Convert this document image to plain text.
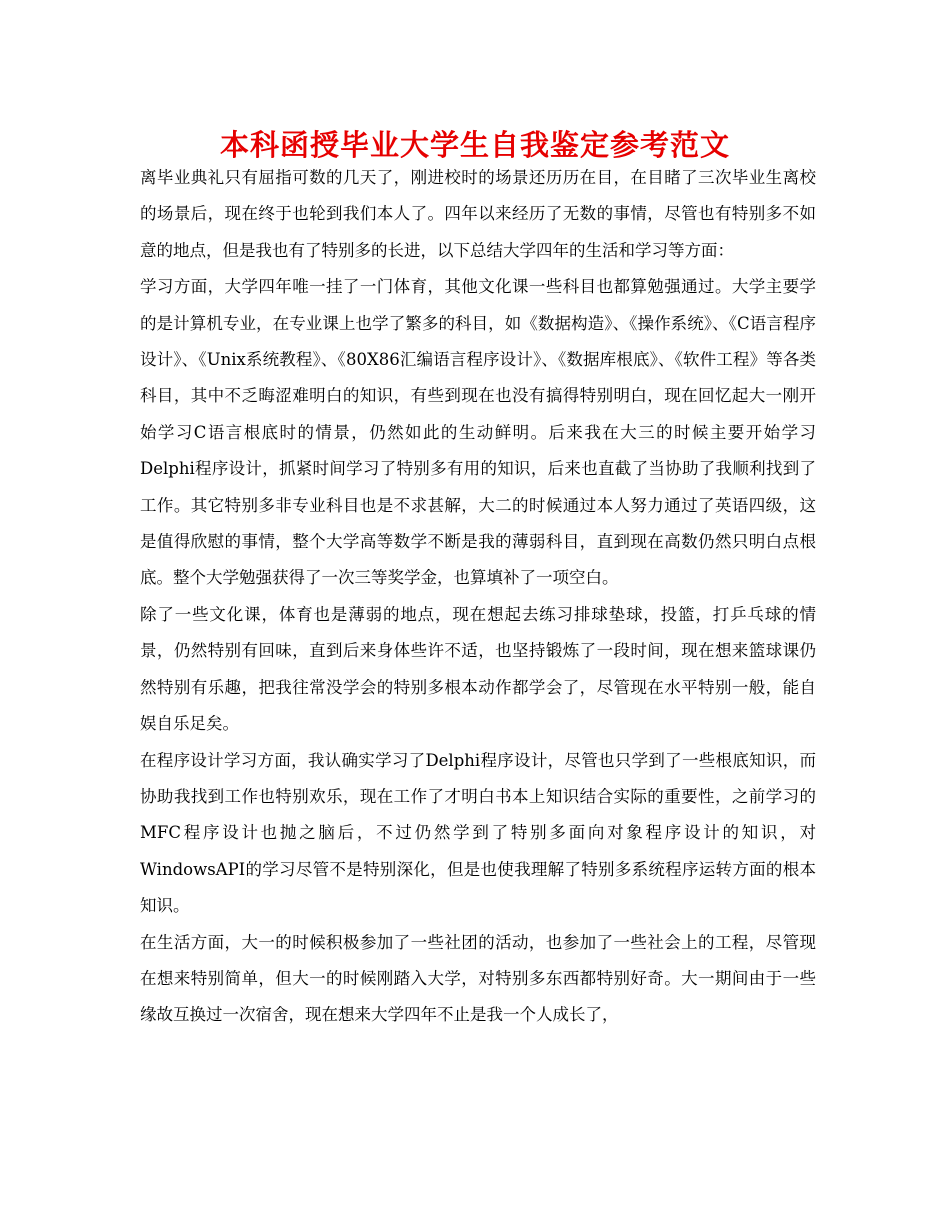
本科函授毕业大学生自我鉴定参考范文

离毕业典礼只有屈指可数的几天了，刚进校时的场景还历历在目，在目睹了三次毕业生离校的场景后，现在终于也轮到我们本人了。四年以来经历了无数的事情，尽管也有特别多不如意的地点，但是我也有了特别多的长进，以下总结大学四年的生活和学习等方面：

学习方面，大学四年唯一挂了一门体育，其他文化课一些科目也都算勉强通过。大学主要学的是计算机专业，在专业课上也学了繁多的科目，如《数据构造》、《操作系统》、《C语言程序设计》、《Unix系统教程》、《80X86汇编语言程序设计》、《数据库根底》、《软件工程》等各类科目，其中不乏晦涩难明白的知识，有些到现在也没有搞得特别明白，现在回忆起大一刚开始学习C语言根底时的情景，仍然如此的生动鲜明。后来我在大三的时候主要开始学习Delphi程序设计，抓紧时间学习了特别多有用的知识，后来也直截了当协助了我顺利找到了工作。其它特别多非专业科目也是不求甚解，大二的时候通过本人努力通过了英语四级，这是值得欣慰的事情，整个大学高等数学不断是我的薄弱科目，直到现在高数仍然只明白点根底。整个大学勉强获得了一次三等奖学金，也算填补了一项空白。

除了一些文化课，体育也是薄弱的地点，现在想起去练习排球垫球，投篮，打乒乓球的情景，仍然特别有回味，直到后来身体些许不适，也坚持锻炼了一段时间，现在想来篮球课仍然特别有乐趣，把我往常没学会的特别多根本动作都学会了，尽管现在水平特别一般，能自娱自乐足矣。

在程序设计学习方面，我认确实学习了Delphi程序设计，尽管也只学到了一些根底知识，而协助我找到工作也特别欢乐，现在工作了才明白书本上知识结合实际的重要性，之前学习的MFC程序设计也抛之脑后，不过仍然学到了特别多面向对象程序设计的知识，对WindowsAPI的学习尽管不是特别深化，但是也使我理解了特别多系统程序运转方面的根本知识。

在生活方面，大一的时候积极参加了一些社团的活动，也参加了一些社会上的工程，尽管现在想来特别简单，但大一的时候刚踏入大学，对特别多东西都特别好奇。大一期间由于一些缘故互换过一次宿舍，现在想来大学四年不止是我一个人成长了，
